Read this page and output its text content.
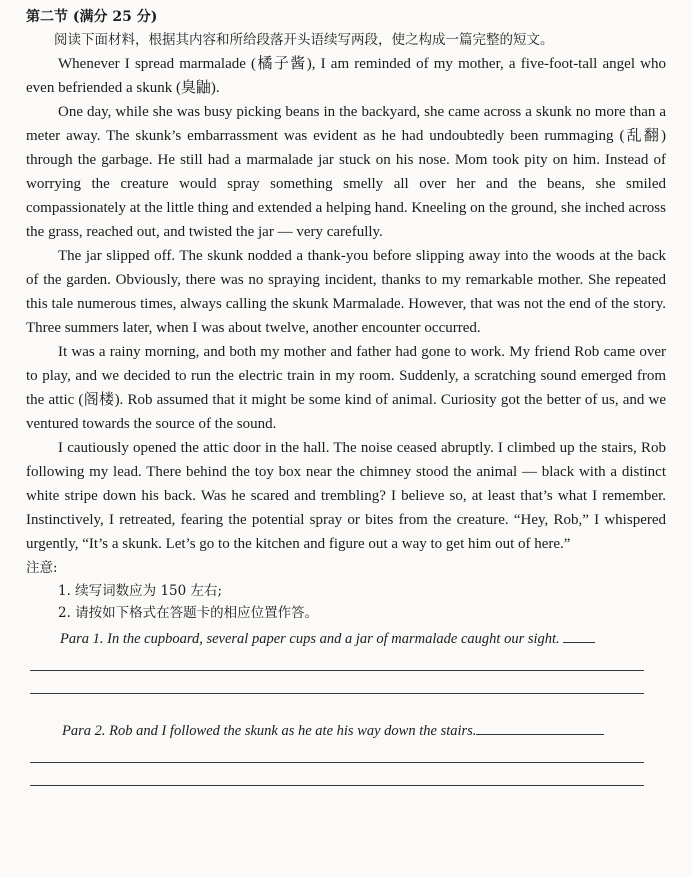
第二节 (满分 25 分)

阅读下面材料，根据其内容和所给段落开头语续写两段，使之构成一篇完整的短文。

Whenever I spread marmalade (橘子酱), I am reminded of my mother, a five-foot-tall angel who even befriended a skunk (臭鼬).

One day, while she was busy picking beans in the backyard, she came across a skunk no more than a meter away. The skunk’s embarrassment was evident as he had undoubtedly been rummaging (乱翻) through the garbage. He still had a marmalade jar stuck on his nose. Mom took pity on him. Instead of worrying the creature would spray something smelly all over her and the beans, she smiled compassionately at the little thing and extended a helping hand. Kneeling on the ground, she inched across the grass, reached out, and twisted the jar — very carefully.

The jar slipped off. The skunk nodded a thank-you before slipping away into the woods at the back of the garden. Obviously, there was no spraying incident, thanks to my remarkable mother. She repeated this tale numerous times, always calling the skunk Marmalade. However, that was not the end of the story. Three summers later, when I was about twelve, another encounter occurred.

It was a rainy morning, and both my mother and father had gone to work. My friend Rob came over to play, and we decided to run the electric train in my room. Suddenly, a scratching sound emerged from the attic (阁楼). Rob assumed that it might be some kind of animal. Curiosity got the better of us, and we ventured towards the source of the sound.

I cautiously opened the attic door in the hall. The noise ceased abruptly. I climbed up the stairs, Rob following my lead. There behind the toy box near the chimney stood the animal — black with a distinct white stripe down his back. Was he scared and trembling? I believe so, at least that’s what I remember. Instinctively, I retreated, fearing the potential spray or bites from the creature. “Hey, Rob,” I whispered urgently, “It’s a skunk. Let’s go to the kitchen and figure out a way to get him out of here.”

注意:

1. 续写词数应为 150 左右;

2. 请按如下格式在答题卡的相应位置作答。

Para 1. In the cupboard, several paper cups and a jar of marmalade caught our sight.

Para 2. Rob and I followed the skunk as he ate his way down the stairs.
